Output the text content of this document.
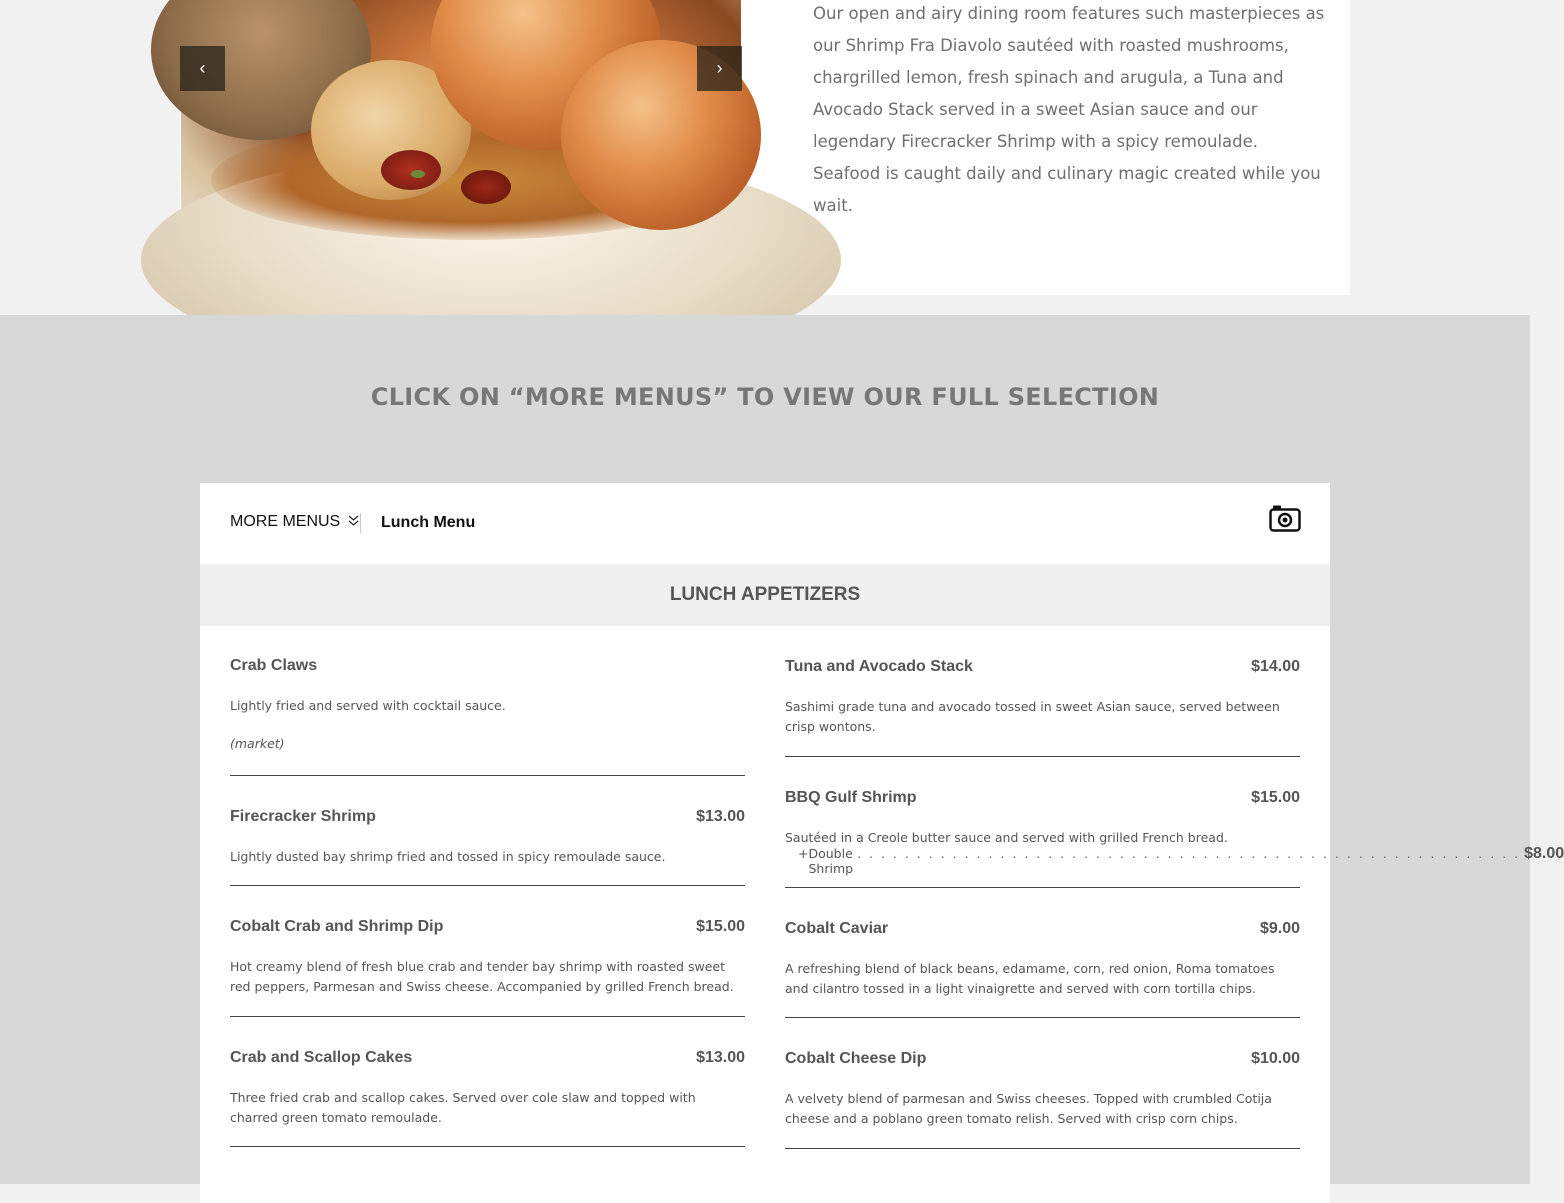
‹	›

Our open and airy dining room features such masterpieces as our Shrimp Fra Diavolo sautéed with roasted mushrooms, chargrilled lemon, fresh spinach and arugula, a Tuna and Avocado Stack served in a sweet Asian sauce and our legendary Firecracker Shrimp with a spicy remoulade. Seafood is caught daily and culinary magic created while you wait.

CLICK ON “MORE MENUS” TO VIEW OUR FULL SELECTION
MORE MENUS	Lunch Menu
LUNCH APPETIZERS
Crab Claws
Lightly fried and served with cocktail sauce.
(market)
Firecracker Shrimp	$13.00
Lightly dusted bay shrimp fried and tossed in spicy remoulade sauce.
Cobalt Crab and Shrimp Dip	$15.00
Hot creamy blend of fresh blue crab and tender bay shrimp with roasted sweet red peppers, Parmesan and Swiss cheese. Accompanied by grilled French bread.
Crab and Scallop Cakes	$13.00
Three fried crab and scallop cakes. Served over cole slaw and topped with charred green tomato remoulade.
Tuna and Avocado Stack	$14.00
Sashimi grade tuna and avocado tossed in sweet Asian sauce, served between crisp wontons.
BBQ Gulf Shrimp	$15.00
Sautéed in a Creole butter sauce and served with grilled French bread.
+ Double Shrimp
. . . . . . . . . . . . . . . . . . . . . . . . . . . . . . . . . . . . . . . . . . . . . . . . . . . . . . . . $8.00
Cobalt Caviar	$9.00
A refreshing blend of black beans, edamame, corn, red onion, Roma tomatoes and cilantro tossed in a light vinaigrette and served with corn tortilla chips.
Cobalt Cheese Dip	$10.00
A velvety blend of parmesan and Swiss cheeses. Topped with crumbled Cotija cheese and a poblano green tomato relish. Served with crisp corn chips.
